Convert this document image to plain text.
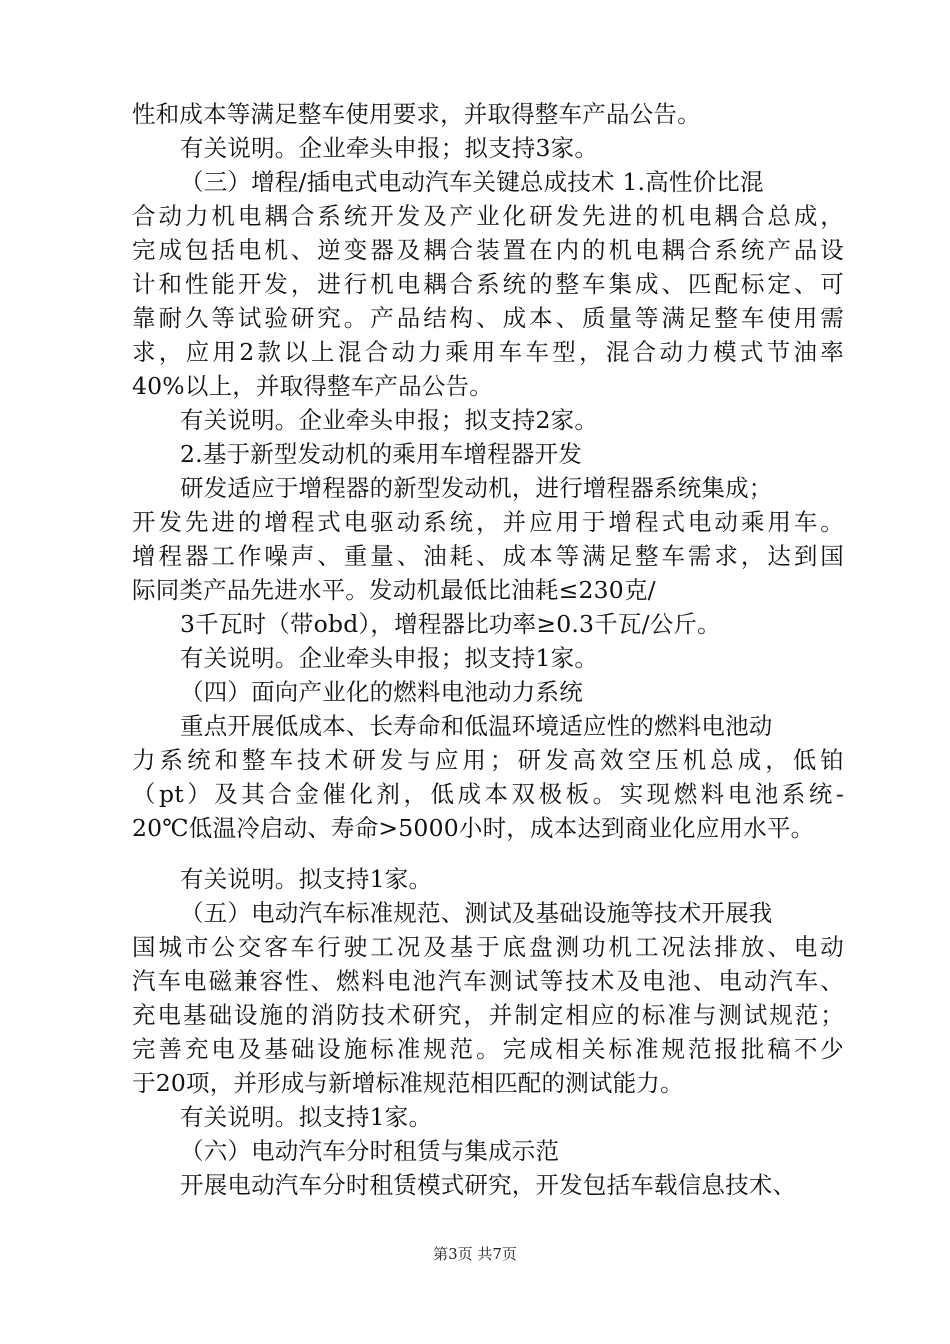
性和成本等满足整车使用要求，并取得整车产品公告。
有关说明。企业牵头申报；拟支持3家。
（三）增程/插电式电动汽车关键总成技术 1.高性价比混
合动力机电耦合系统开发及产业化研发先进的机电耦合总成，
完成包括电机、逆变器及耦合装置在内的机电耦合系统产品设
计和性能开发，进行机电耦合系统的整车集成、匹配标定、可
靠耐久等试验研究。产品结构、成本、质量等满足整车使用需
求，应用2款以上混合动力乘用车车型，混合动力模式节油率
40%以上，并取得整车产品公告。
有关说明。企业牵头申报；拟支持2家。
2.基于新型发动机的乘用车增程器开发
研发适应于增程器的新型发动机，进行增程器系统集成；
开发先进的增程式电驱动系统，并应用于增程式电动乘用车。
增程器工作噪声、重量、油耗、成本等满足整车需求，达到国
际同类产品先进水平。发动机最低比油耗≤230克/
3千瓦时（带obd），增程器比功率≥0.3千瓦/公斤。
有关说明。企业牵头申报；拟支持1家。
（四）面向产业化的燃料电池动力系统
重点开展低成本、长寿命和低温环境适应性的燃料电池动
力系统和整车技术研发与应用；研发高效空压机总成，低铂
（pt）及其合金催化剂，低成本双极板。实现燃料电池系统-
20℃低温冷启动、寿命>5000小时，成本达到商业化应用水平。
有关说明。拟支持1家。
（五）电动汽车标准规范、测试及基础设施等技术开展我
国城市公交客车行驶工况及基于底盘测功机工况法排放、电动
汽车电磁兼容性、燃料电池汽车测试等技术及电池、电动汽车、
充电基础设施的消防技术研究，并制定相应的标准与测试规范；
完善充电及基础设施标准规范。完成相关标准规范报批稿不少
于20项，并形成与新增标准规范相匹配的测试能力。
有关说明。拟支持1家。
（六）电动汽车分时租赁与集成示范
第3页 共7页
开展电动汽车分时租赁模式研究，开发包括车载信息技术、
